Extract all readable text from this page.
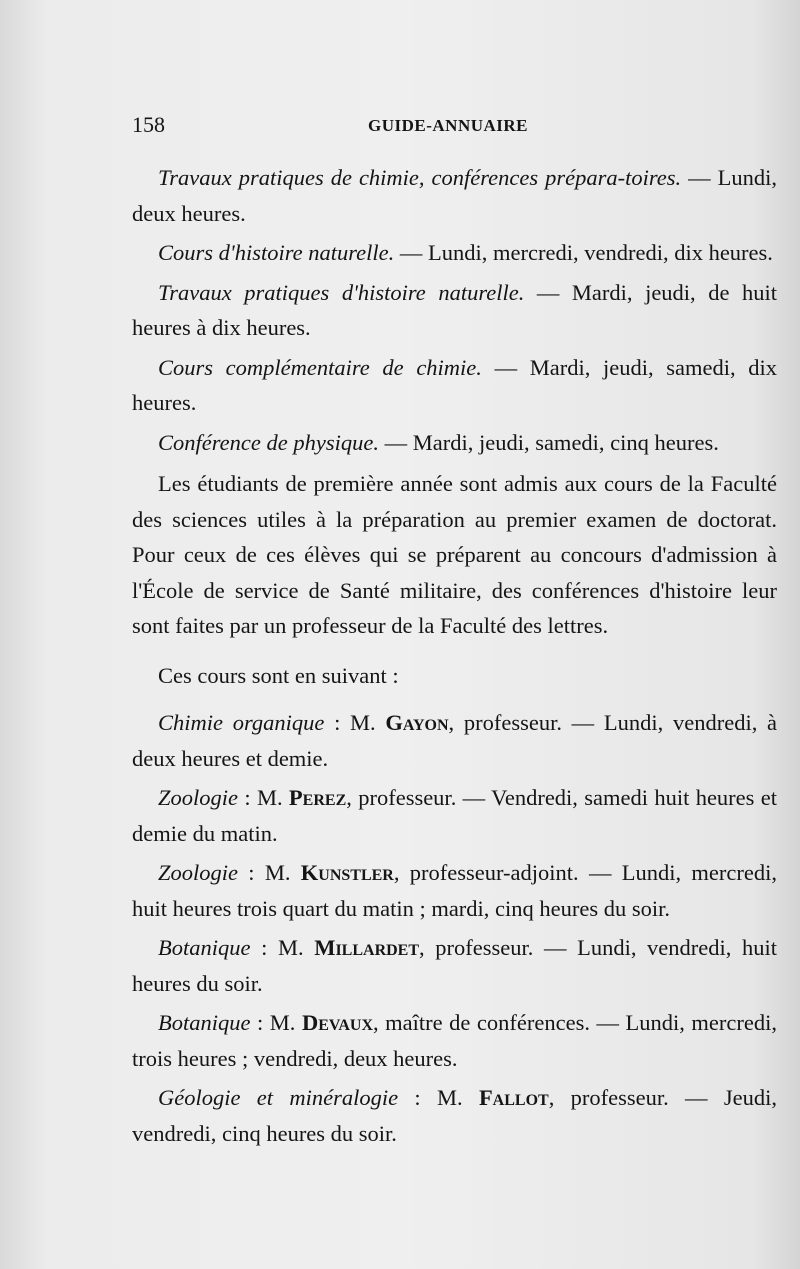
158	GUIDE-ANNUAIRE

Travaux pratiques de chimie, conférences prépara-toires. — Lundi, deux heures.

Cours d'histoire naturelle. — Lundi, mercredi, vendredi, dix heures.

Travaux pratiques d'histoire naturelle. — Mardi, jeudi, de huit heures à dix heures.

Cours complémentaire de chimie. — Mardi, jeudi, samedi, dix heures.

Conférence de physique. — Mardi, jeudi, samedi, cinq heures.

Les étudiants de première année sont admis aux cours de la Faculté des sciences utiles à la préparation au premier examen de doctorat. Pour ceux de ces élèves qui se préparent au concours d'admission à l'École de service de Santé militaire, des conférences d'histoire leur sont faites par un professeur de la Faculté des lettres.

Ces cours sont en suivant :

Chimie organique : M. Gayon, professeur. — Lundi, vendredi, à deux heures et demie.

Zoologie : M. Perez, professeur. — Vendredi, samedi huit heures et demie du matin.

Zoologie : M. Kunstler, professeur-adjoint. — Lundi, mercredi, huit heures trois quart du matin ; mardi, cinq heures du soir.

Botanique : M. Millardet, professeur. — Lundi, vendredi, huit heures du soir.

Botanique : M. Devaux, maître de conférences. — Lundi, mercredi, trois heures ; vendredi, deux heures.

Géologie et minéralogie : M. Fallot, professeur. — Jeudi, vendredi, cinq heures du soir.
